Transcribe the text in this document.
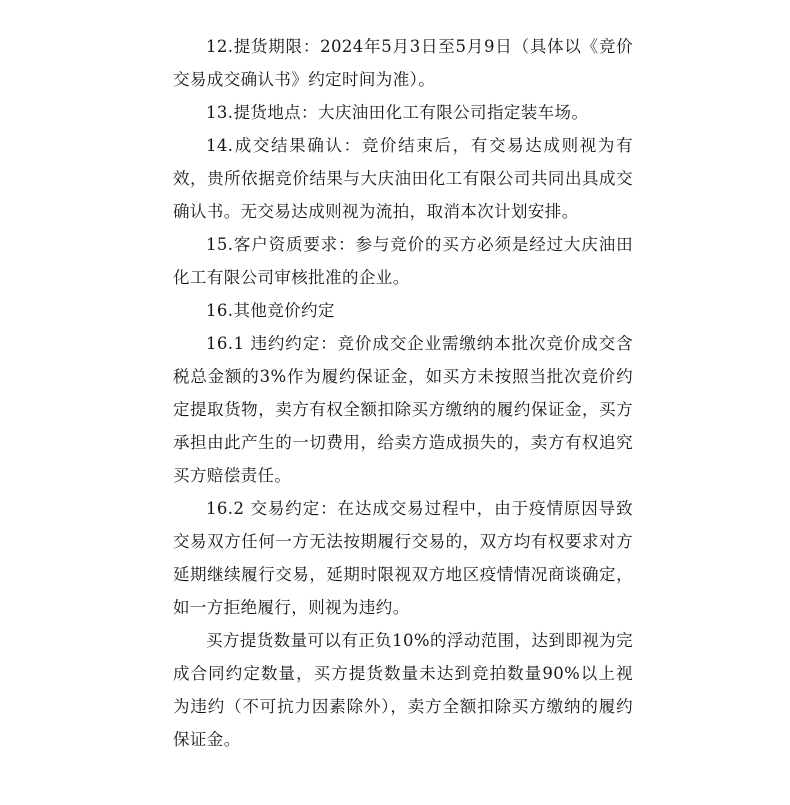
12.提货期限：2024年5月3日至5月9日（具体以《竞价交易成交确认书》约定时间为准）。

13.提货地点：大庆油田化工有限公司指定装车场。

14.成交结果确认：竞价结束后，有交易达成则视为有效，贵所依据竞价结果与大庆油田化工有限公司共同出具成交确认书。无交易达成则视为流拍，取消本次计划安排。

15.客户资质要求：参与竞价的买方必须是经过大庆油田化工有限公司审核批准的企业。

16.其他竞价约定

16.1 违约约定：竞价成交企业需缴纳本批次竞价成交含税总金额的3%作为履约保证金，如买方未按照当批次竞价约定提取货物，卖方有权全额扣除买方缴纳的履约保证金，买方承担由此产生的一切费用，给卖方造成损失的，卖方有权追究买方赔偿责任。

16.2 交易约定：在达成交易过程中，由于疫情原因导致交易双方任何一方无法按期履行交易的，双方均有权要求对方延期继续履行交易，延期时限视双方地区疫情情况商谈确定，如一方拒绝履行，则视为违约。

买方提货数量可以有正负10%的浮动范围，达到即视为完成合同约定数量，买方提货数量未达到竞拍数量90%以上视为违约（不可抗力因素除外），卖方全额扣除买方缴纳的履约保证金。
